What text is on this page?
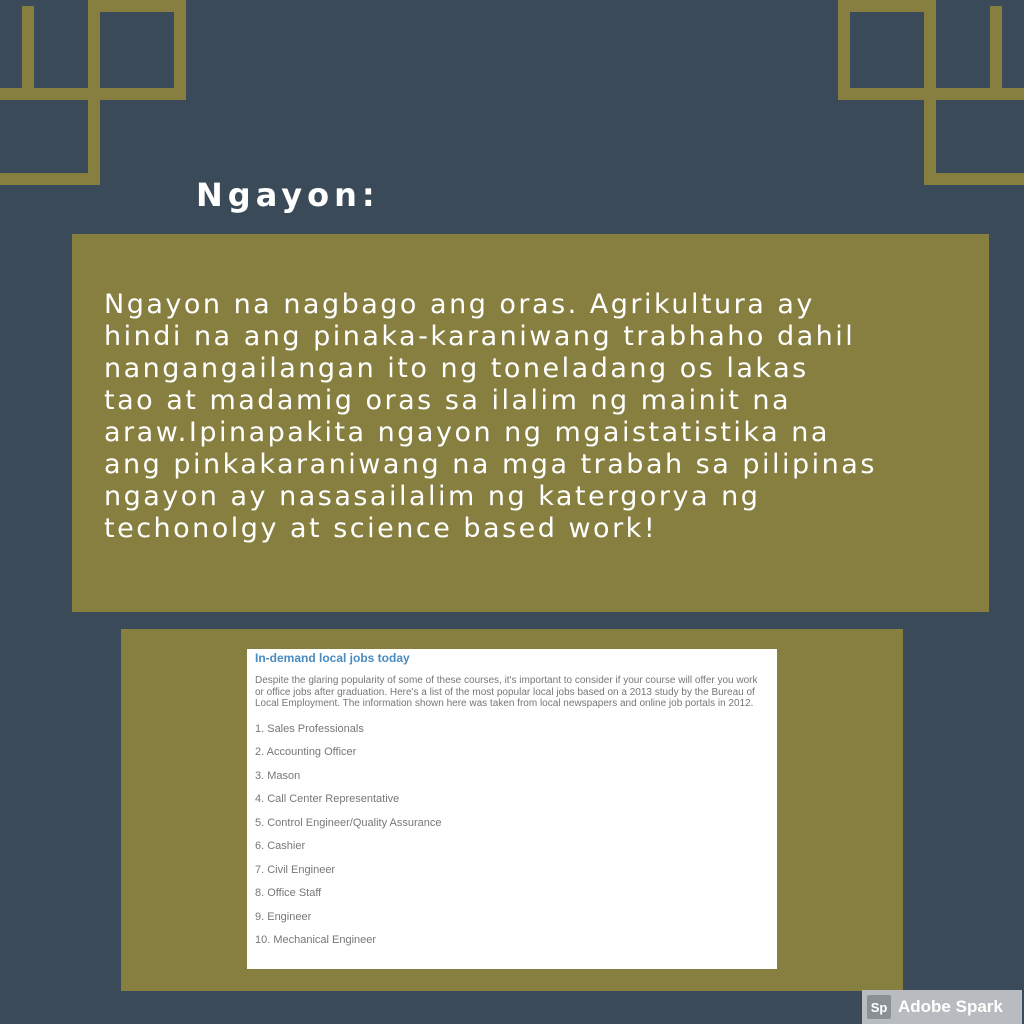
Ngayon:
Ngayon na nagbago ang oras. Agrikultura ay
hindi na ang pinaka-karaniwang trabhaho dahil
nangangailangan ito ng toneladang os lakas
tao at madamig oras sa ilalim ng mainit na
araw.Ipinapakita ngayon ng mgaistatistika na
ang pinkakaraniwang na mga trabah sa pilipinas
ngayon ay nasasailalim ng katergorya ng
techonolgy at science based work!

In-demand local jobs today

Despite the glaring popularity of some of these courses, it's important to consider if your course will offer you work or office jobs after graduation. Here's a list of the most popular local jobs based on a 2013 study by the Bureau of Local Employment. The information shown here was taken from local newspapers and online job portals in 2012.

1. Sales Professionals
2. Accounting Officer
3. Mason
4. Call Center Representative
5. Control Engineer/Quality Assurance
6. Cashier
7. Civil Engineer
8. Office Staff
9. Engineer
10. Mechanical Engineer
Sp Adobe Spark
